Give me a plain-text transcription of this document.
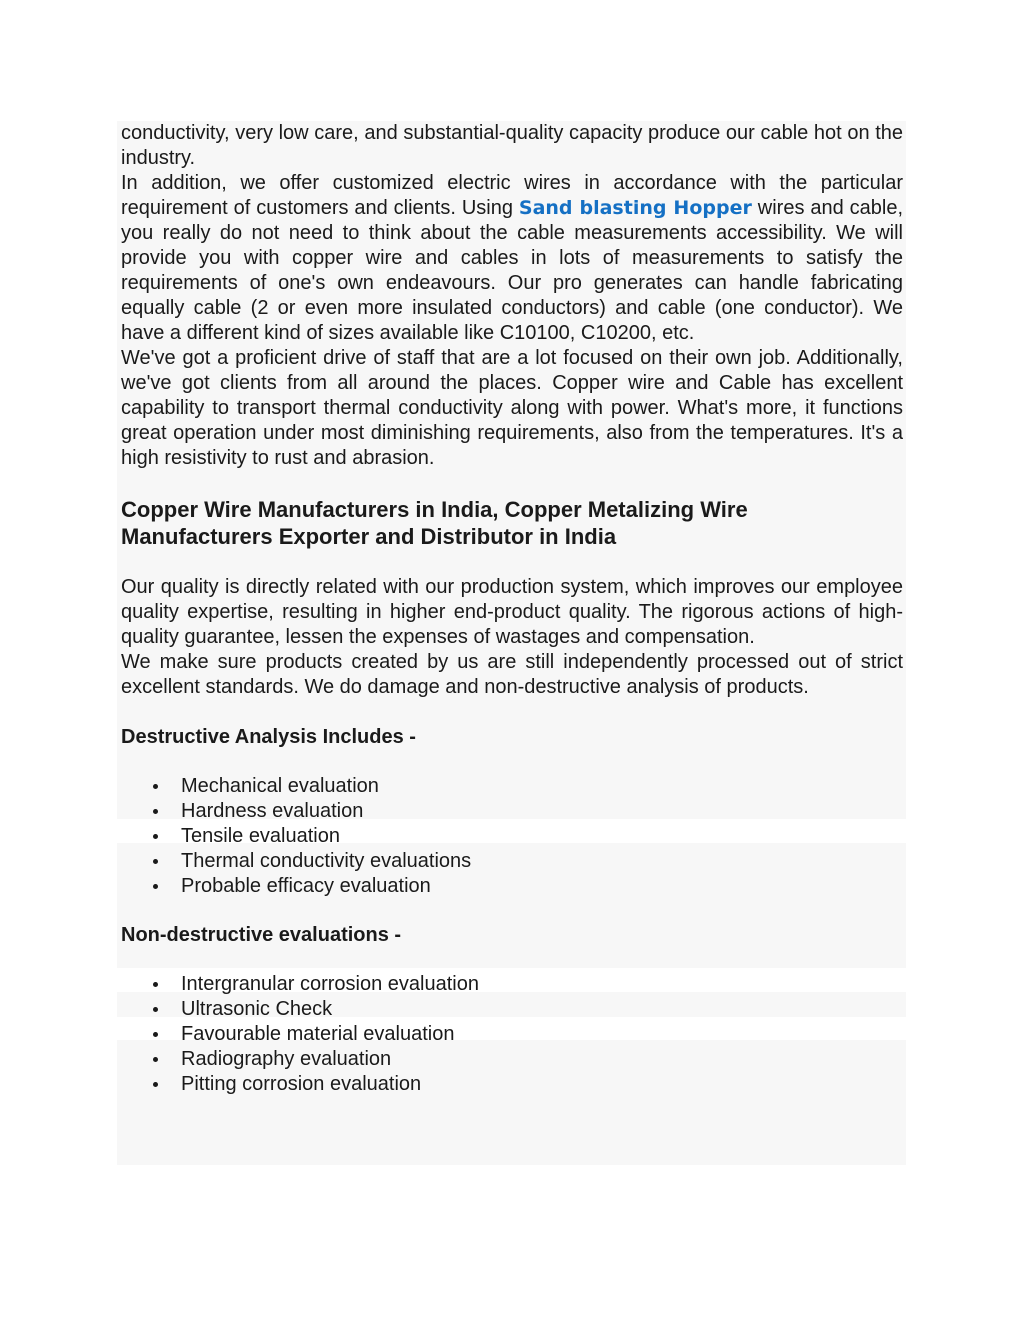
conductivity, very low care, and substantial-quality capacity produce our cable hot on the industry.

In addition, we offer customized electric wires in accordance with the particular requirement of customers and clients. Using Sand blasting Hopper wires and cable, you really do not need to think about the cable measurements accessibility. We will provide you with copper wire and cables in lots of measurements to satisfy the requirements of one's own endeavours. Our pro generates can handle fabricating equally cable (2 or even more insulated conductors) and cable (one conductor). We have a different kind of sizes available like C10100, C10200, etc.

We've got a proficient drive of staff that are a lot focused on their own job. Additionally, we've got clients from all around the places. Copper wire and Cable has excellent capability to transport thermal conductivity along with power. What's more, it functions great operation under most diminishing requirements, also from the temperatures. It's a high resistivity to rust and abrasion.

Copper Wire Manufacturers in India, Copper Metalizing Wire Manufacturers Exporter and Distributor in India

Our quality is directly related with our production system, which improves our employee quality expertise, resulting in higher end-product quality. The rigorous actions of high-quality guarantee, lessen the expenses of wastages and compensation.

We make sure products created by us are still independently processed out of strict excellent standards. We do damage and non-destructive analysis of products.

Destructive Analysis Includes -
Mechanical evaluation
Hardness evaluation
Tensile evaluation
Thermal conductivity evaluations
Probable efficacy evaluation
Non-destructive evaluations -
Intergranular corrosion evaluation
Ultrasonic Check
Favourable material evaluation
Radiography evaluation
Pitting corrosion evaluation
